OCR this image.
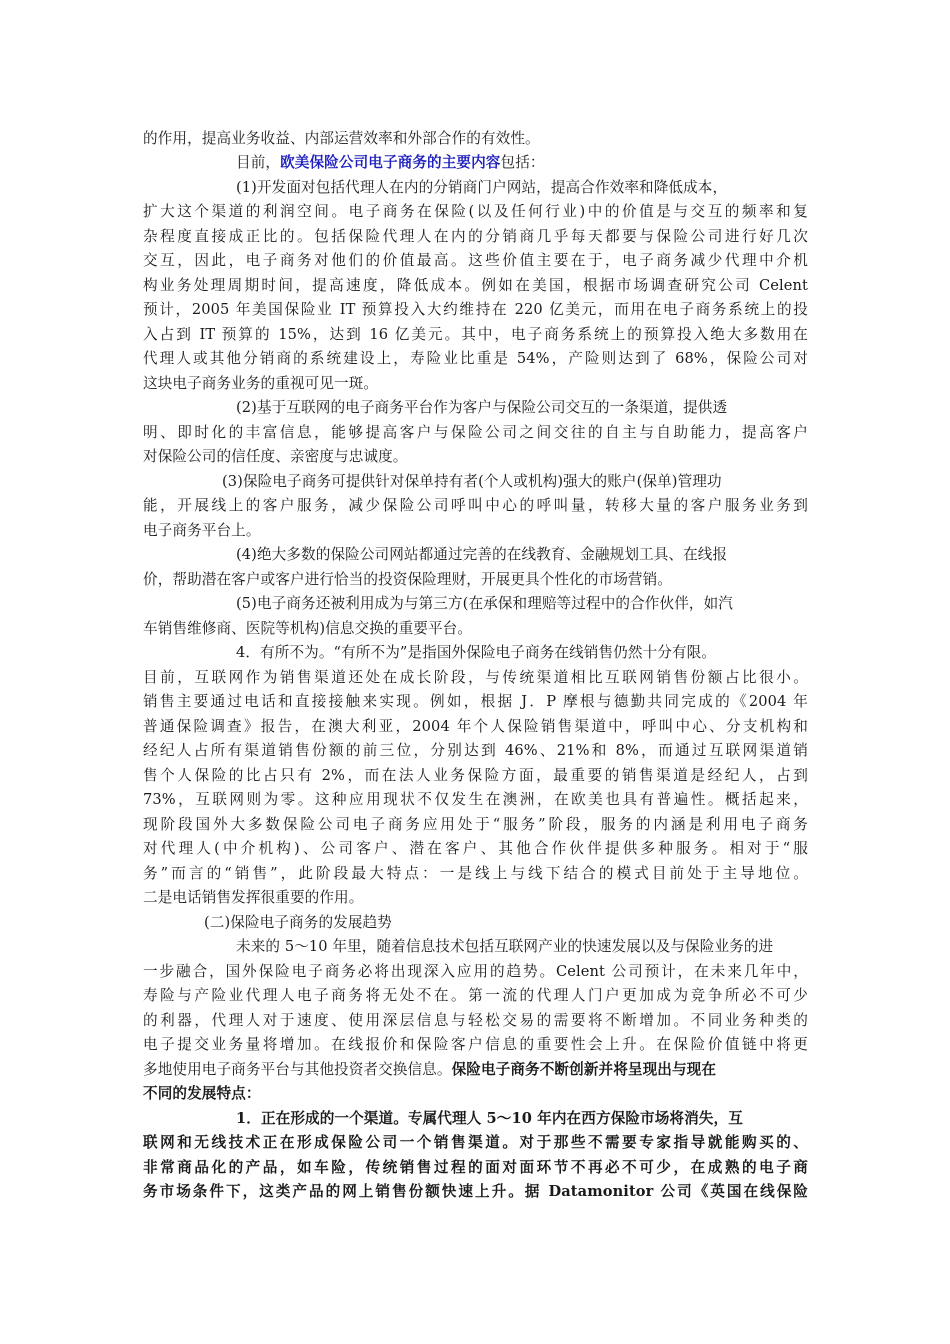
的作用，提高业务收益、内部运营效率和外部合作的有效性。
目前，欧美保险公司电子商务的主要内容包括：
(1)开发面对包括代理人在内的分销商门户网站，提高合作效率和降低成本，
扩大这个渠道的利润空间。电子商务在保险(以及任何行业)中的价值是与交互的频率和复
杂程度直接成正比的。包括保险代理人在内的分销商几乎每天都要与保险公司进行好几次
交互，因此，电子商务对他们的价值最高。这些价值主要在于，电子商务减少代理中介机
构业务处理周期时间，提高速度，降低成本。例如在美国，根据市场调查研究公司 Celent
预计，2005 年美国保险业 IT 预算投入大约维持在 220 亿美元，而用在电子商务系统上的投
入占到 IT 预算的 15%，达到 16 亿美元。其中，电子商务系统上的预算投入绝大多数用在
代理人或其他分销商的系统建设上，寿险业比重是 54%，产险则达到了 68%，保险公司对
这块电子商务业务的重视可见一斑。
(2)基于互联网的电子商务平台作为客户与保险公司交互的一条渠道，提供透
明、即时化的丰富信息，能够提高客户与保险公司之间交往的自主与自助能力，提高客户
对保险公司的信任度、亲密度与忠诚度。
(3)保险电子商务可提供针对保单持有者(个人或机构)强大的账户(保单)管理功
能，开展线上的客户服务，减少保险公司呼叫中心的呼叫量，转移大量的客户服务业务到
电子商务平台上。
(4)绝大多数的保险公司网站都通过完善的在线教育、金融规划工具、在线报
价，帮助潜在客户或客户进行恰当的投资保险理财，开展更具个性化的市场营销。
(5)电子商务还被利用成为与第三方(在承保和理赔等过程中的合作伙伴，如汽
车销售维修商、医院等机构)信息交换的重要平台。
4．有所不为。“有所不为”是指国外保险电子商务在线销售仍然十分有限。
目前，互联网作为销售渠道还处在成长阶段，与传统渠道相比互联网销售份额占比很小。
销售主要通过电话和直接接触来实现。例如，根据 J．P 摩根与德勤共同完成的《2004 年
普通保险调查》报告，在澳大利亚，2004 年个人保险销售渠道中，呼叫中心、分支机构和
经纪人占所有渠道销售份额的前三位，分别达到 46%、21%和 8%，而通过互联网渠道销
售个人保险的比占只有 2%，而在法人业务保险方面，最重要的销售渠道是经纪人，占到
73%，互联网则为零。这种应用现状不仅发生在澳洲，在欧美也具有普遍性。概括起来，
现阶段国外大多数保险公司电子商务应用处于“服务”阶段，服务的内涵是利用电子商务
对代理人(中介机构)、公司客户、潜在客户、其他合作伙伴提供多种服务。相对于“服
务”而言的“销售”，此阶段最大特点：一是线上与线下结合的模式目前处于主导地位。
二是电话销售发挥很重要的作用。
(二)保险电子商务的发展趋势
未来的 5～10 年里，随着信息技术包括互联网产业的快速发展以及与保险业务的进
一步融合，国外保险电子商务必将出现深入应用的趋势。Celent 公司预计，在未来几年中，
寿险与产险业代理人电子商务将无处不在。第一流的代理人门户更加成为竞争所必不可少
的利器，代理人对于速度、使用深层信息与轻松交易的需要将不断增加。不同业务种类的
电子提交业务量将增加。在线报价和保险客户信息的重要性会上升。在保险价值链中将更
多地使用电子商务平台与其他投资者交换信息。保险电子商务不断创新并将呈现出与现在
不同的发展特点：
1．正在形成的一个渠道。专属代理人 5～10 年内在西方保险市场将消失，互
联网和无线技术正在形成保险公司一个销售渠道。对于那些不需要专家指导就能购买的、
非常商品化的产品，如车险，传统销售过程的面对面环节不再必不可少，在成熟的电子商
务市场条件下，这类产品的网上销售份额快速上升。据 Datamonitor 公司《英国在线保险
